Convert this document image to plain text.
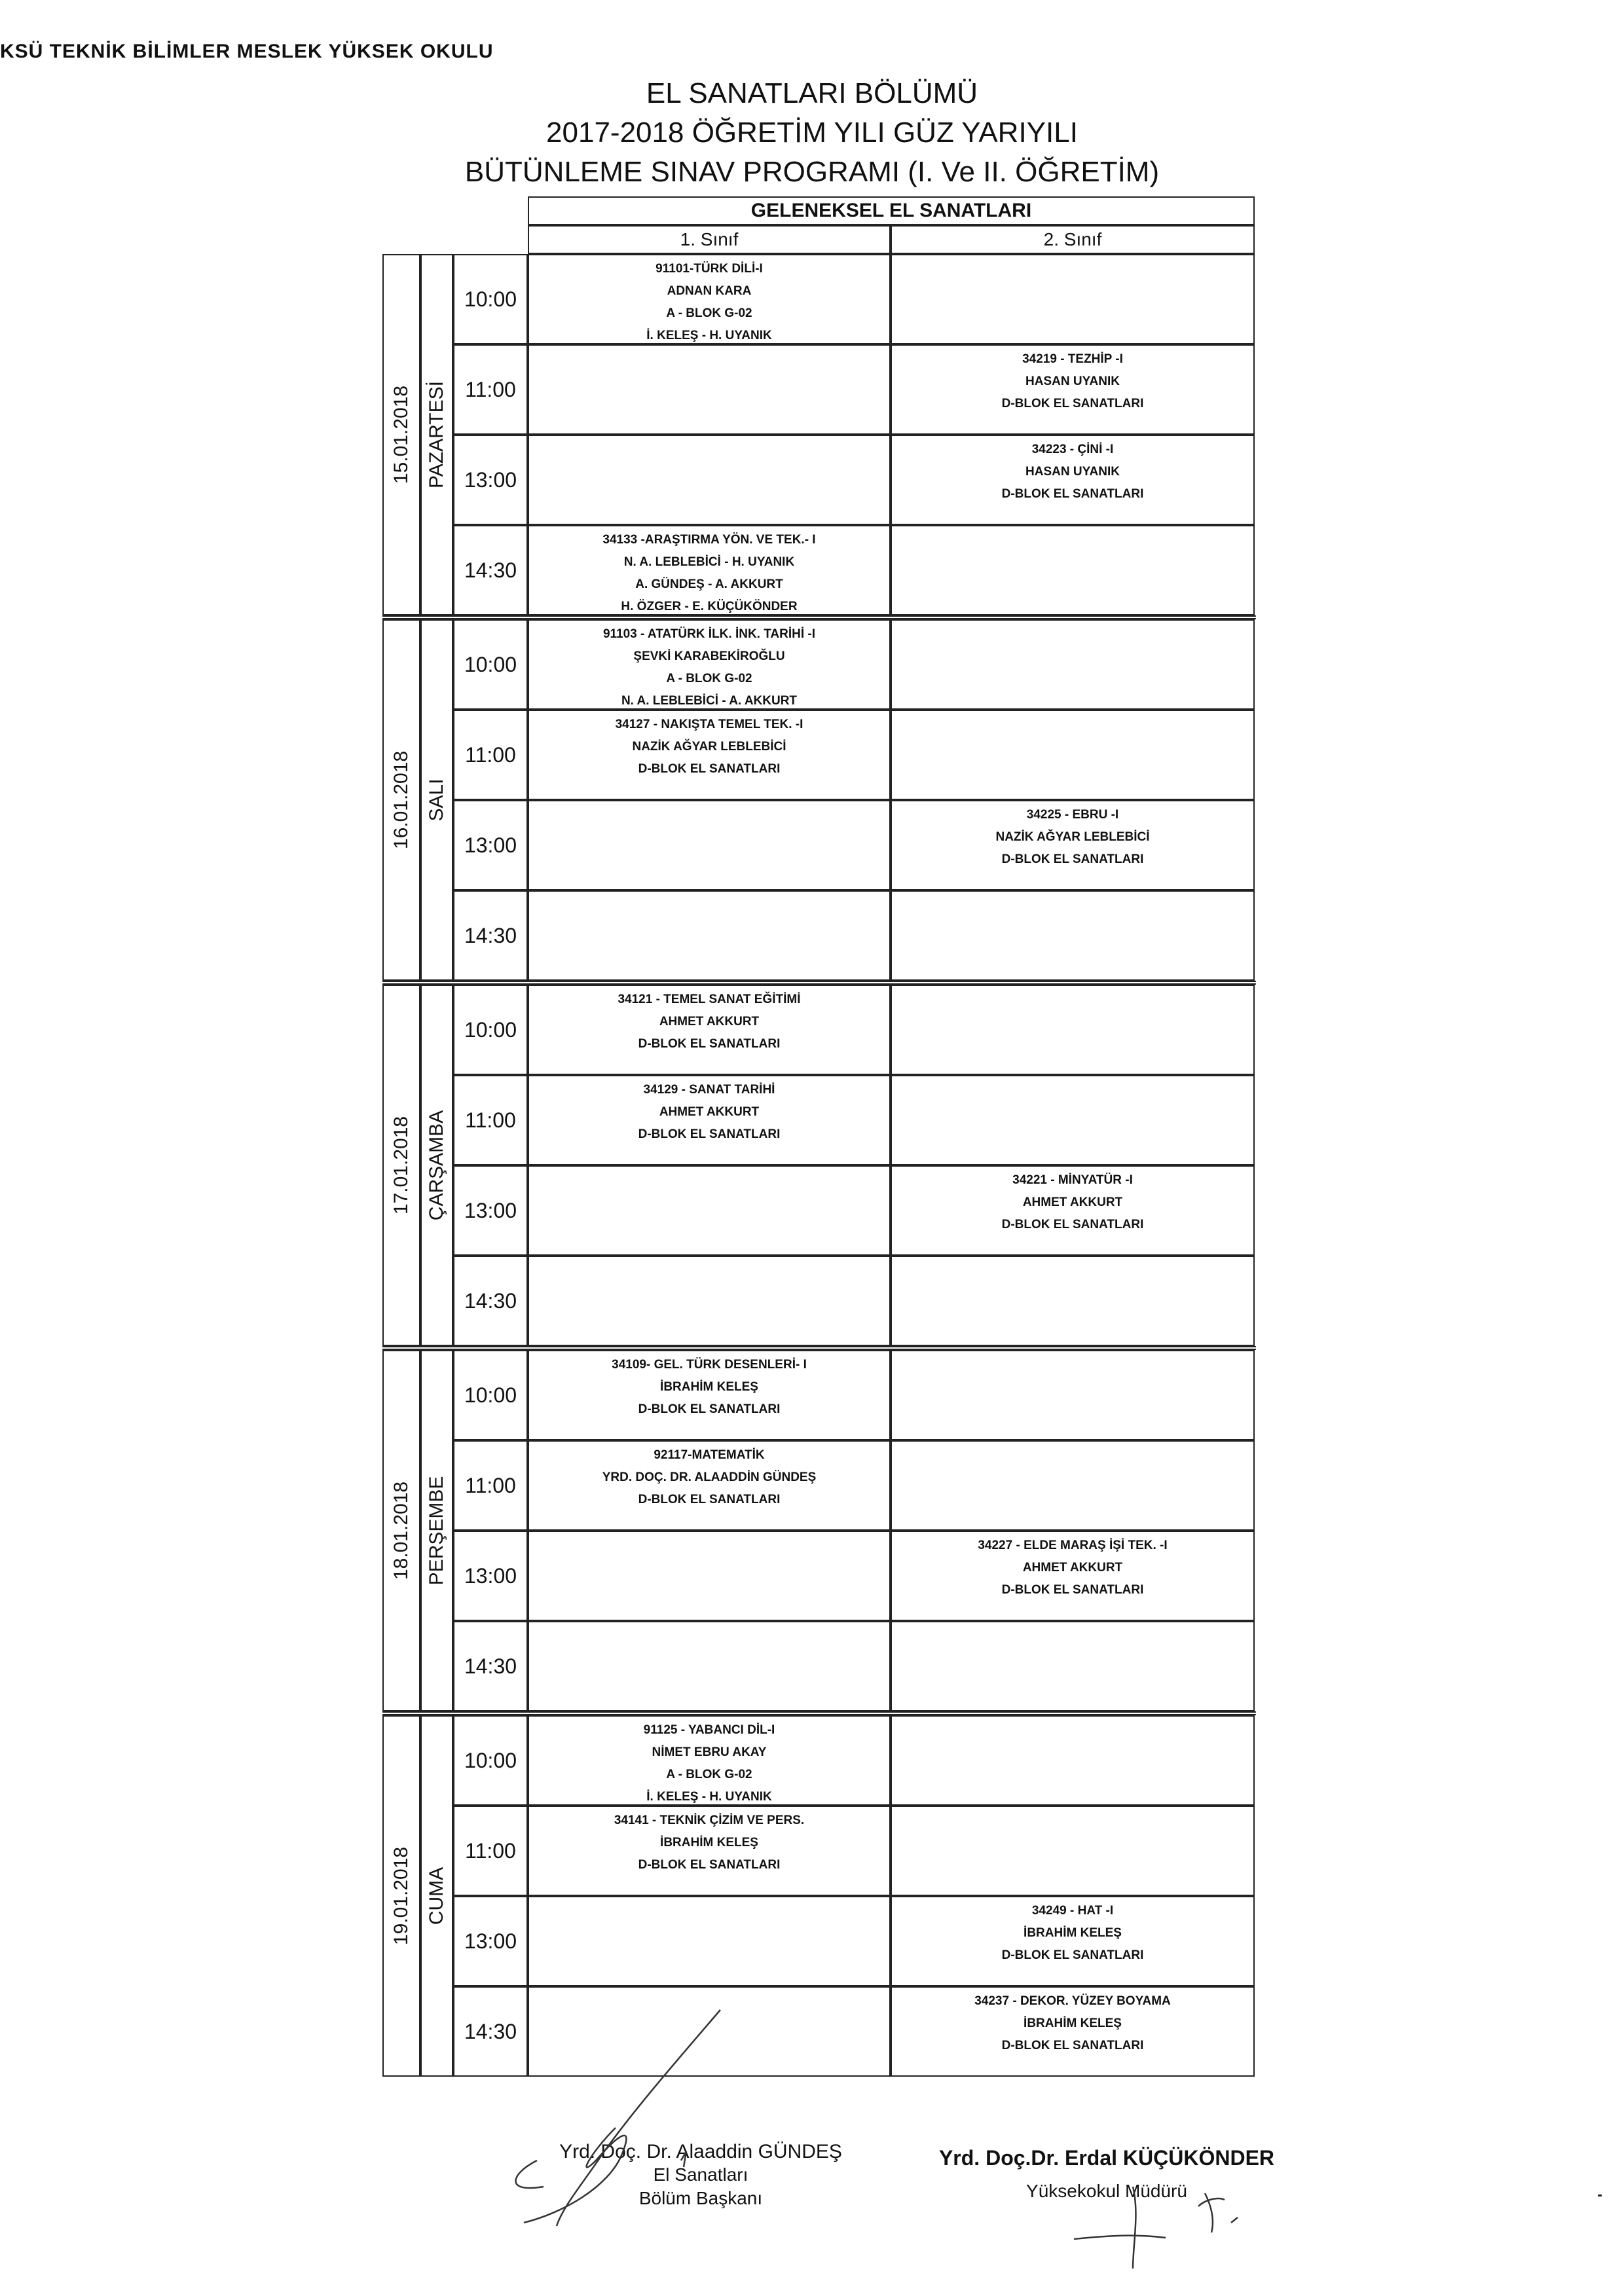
KSÜ TEKNİK BİLİMLER MESLEK YÜKSEK OKULU
EL SANATLARI BÖLÜMÜ
2017-2018 ÖĞRETİM YILI GÜZ YARIYILI
BÜTÜNLEME SINAV PROGRAMI (I. Ve II. ÖĞRETİM)
GELENEKSEL EL SANATLARI
1. Sınıf	2. Sınıf
15.01.2018 PAZARTESİ
10:00
91101-TÜRK DİLİ-I
ADNAN KARA
A - BLOK G-02
İ. KELEŞ - H. UYANIK
11:00
34219 - TEZHİP -I
HASAN UYANIK
D-BLOK EL SANATLARI
13:00
34223 - ÇİNİ -I
HASAN UYANIK
D-BLOK EL SANATLARI
14:30
34133 -ARAŞTIRMA YÖN. VE TEK.- I
N. A. LEBLEBİCİ - H. UYANIK
A. GÜNDEŞ - A. AKKURT
H. ÖZGER - E. KÜÇÜKÖNDER
16.01.2018 SALI
10:00
91103 - ATATÜRK İLK. İNK. TARİHİ -I
ŞEVKİ KARABEKİROĞLU
A - BLOK G-02
N. A. LEBLEBİCİ - A. AKKURT
11:00
34127 - NAKIŞTA TEMEL TEK. -I
NAZİK AĞYAR LEBLEBİCİ
D-BLOK EL SANATLARI
13:00
34225 - EBRU -I
NAZİK AĞYAR LEBLEBİCİ
D-BLOK EL SANATLARI
14:30
17.01.2018 ÇARŞAMBA
10:00
34121 - TEMEL SANAT EĞİTİMİ
AHMET AKKURT
D-BLOK EL SANATLARI
11:00
34129 - SANAT TARİHİ
AHMET AKKURT
D-BLOK EL SANATLARI
13:00
34221 - MİNYATÜR -I
AHMET AKKURT
D-BLOK EL SANATLARI
14:30
18.01.2018 PERŞEMBE
10:00
34109- GEL. TÜRK DESENLERİ- I
İBRAHİM KELEŞ
D-BLOK EL SANATLARI
11:00
92117-MATEMATİK
YRD. DOÇ. DR. ALAADDİN GÜNDEŞ
D-BLOK EL SANATLARI
13:00
34227 - ELDE MARAŞ İŞİ TEK. -I
AHMET AKKURT
D-BLOK EL SANATLARI
14:30
19.01.2018 CUMA
10:00
91125 - YABANCI DİL-I
NİMET EBRU AKAY
A - BLOK G-02
İ. KELEŞ - H. UYANIK
11:00
34141 - TEKNİK ÇİZİM VE PERS.
İBRAHİM KELEŞ
D-BLOK EL SANATLARI
13:00
34249 - HAT -I
İBRAHİM KELEŞ
D-BLOK EL SANATLARI
14:30
34237 - DEKOR. YÜZEY BOYAMA
İBRAHİM KELEŞ
D-BLOK EL SANATLARI
Yrd. Doç. Dr. Alaaddin GÜNDEŞ
El Sanatları
Bölüm Başkanı
Yrd. Doç.Dr. Erdal KÜÇÜKÖNDER
Yüksekokul Müdürü
